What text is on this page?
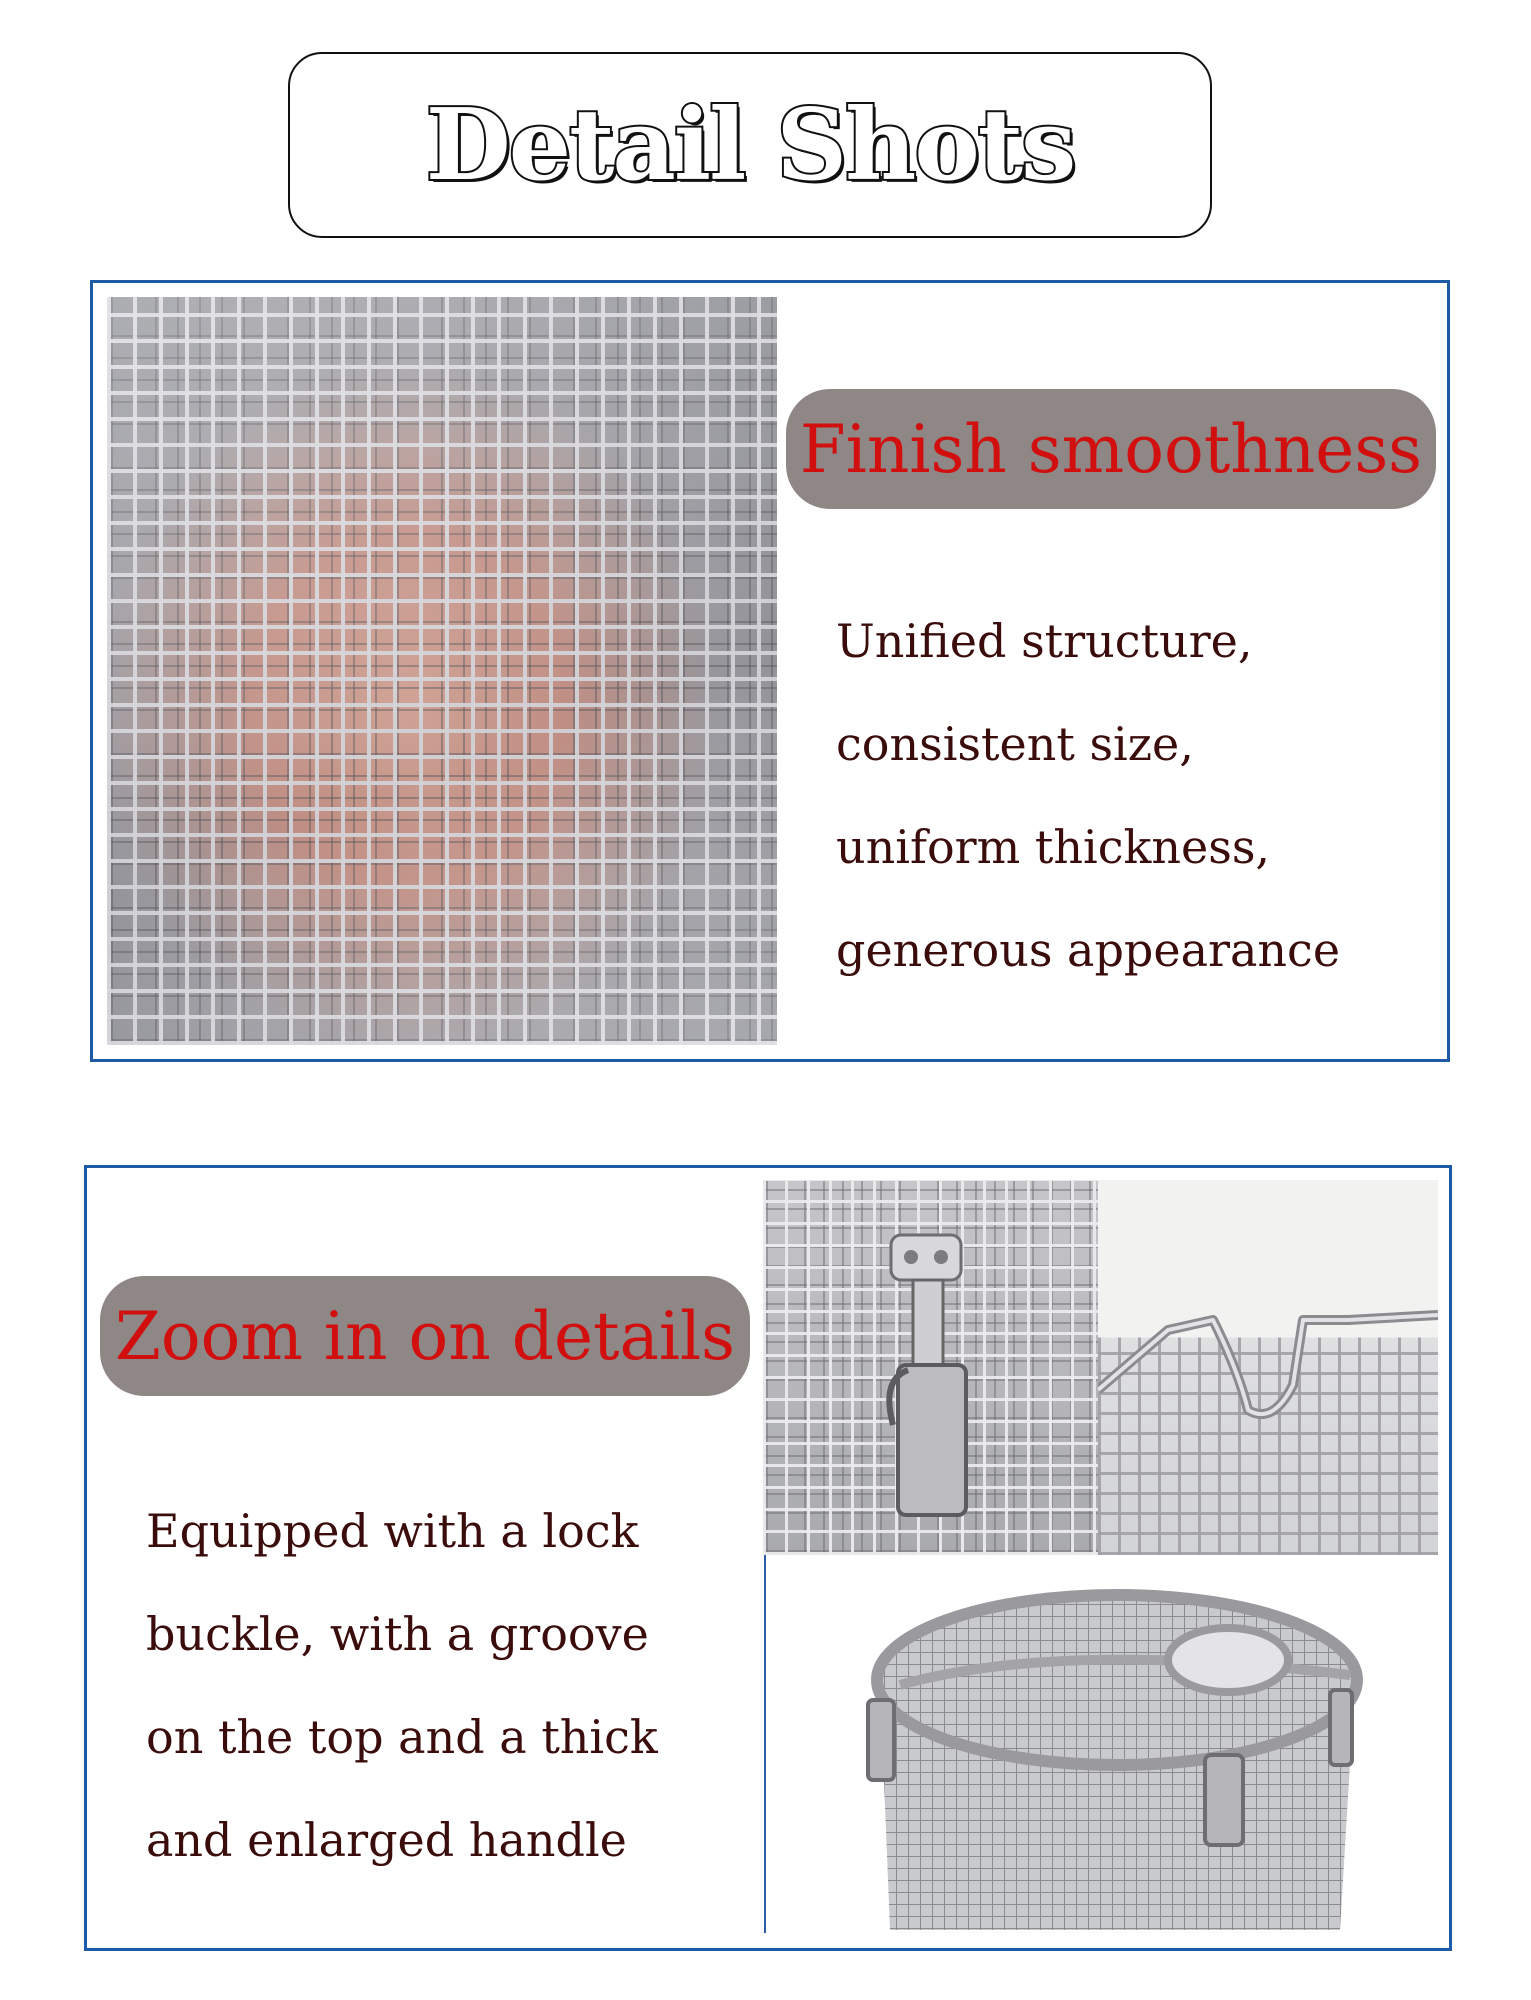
Detail Shots
Finish smoothness
Unified structure,
consistent size,
uniform thickness,
generous appearance
Zoom in on details
Equipped with a lock
buckle, with a groove
on the top and a thick
and enlarged handle
